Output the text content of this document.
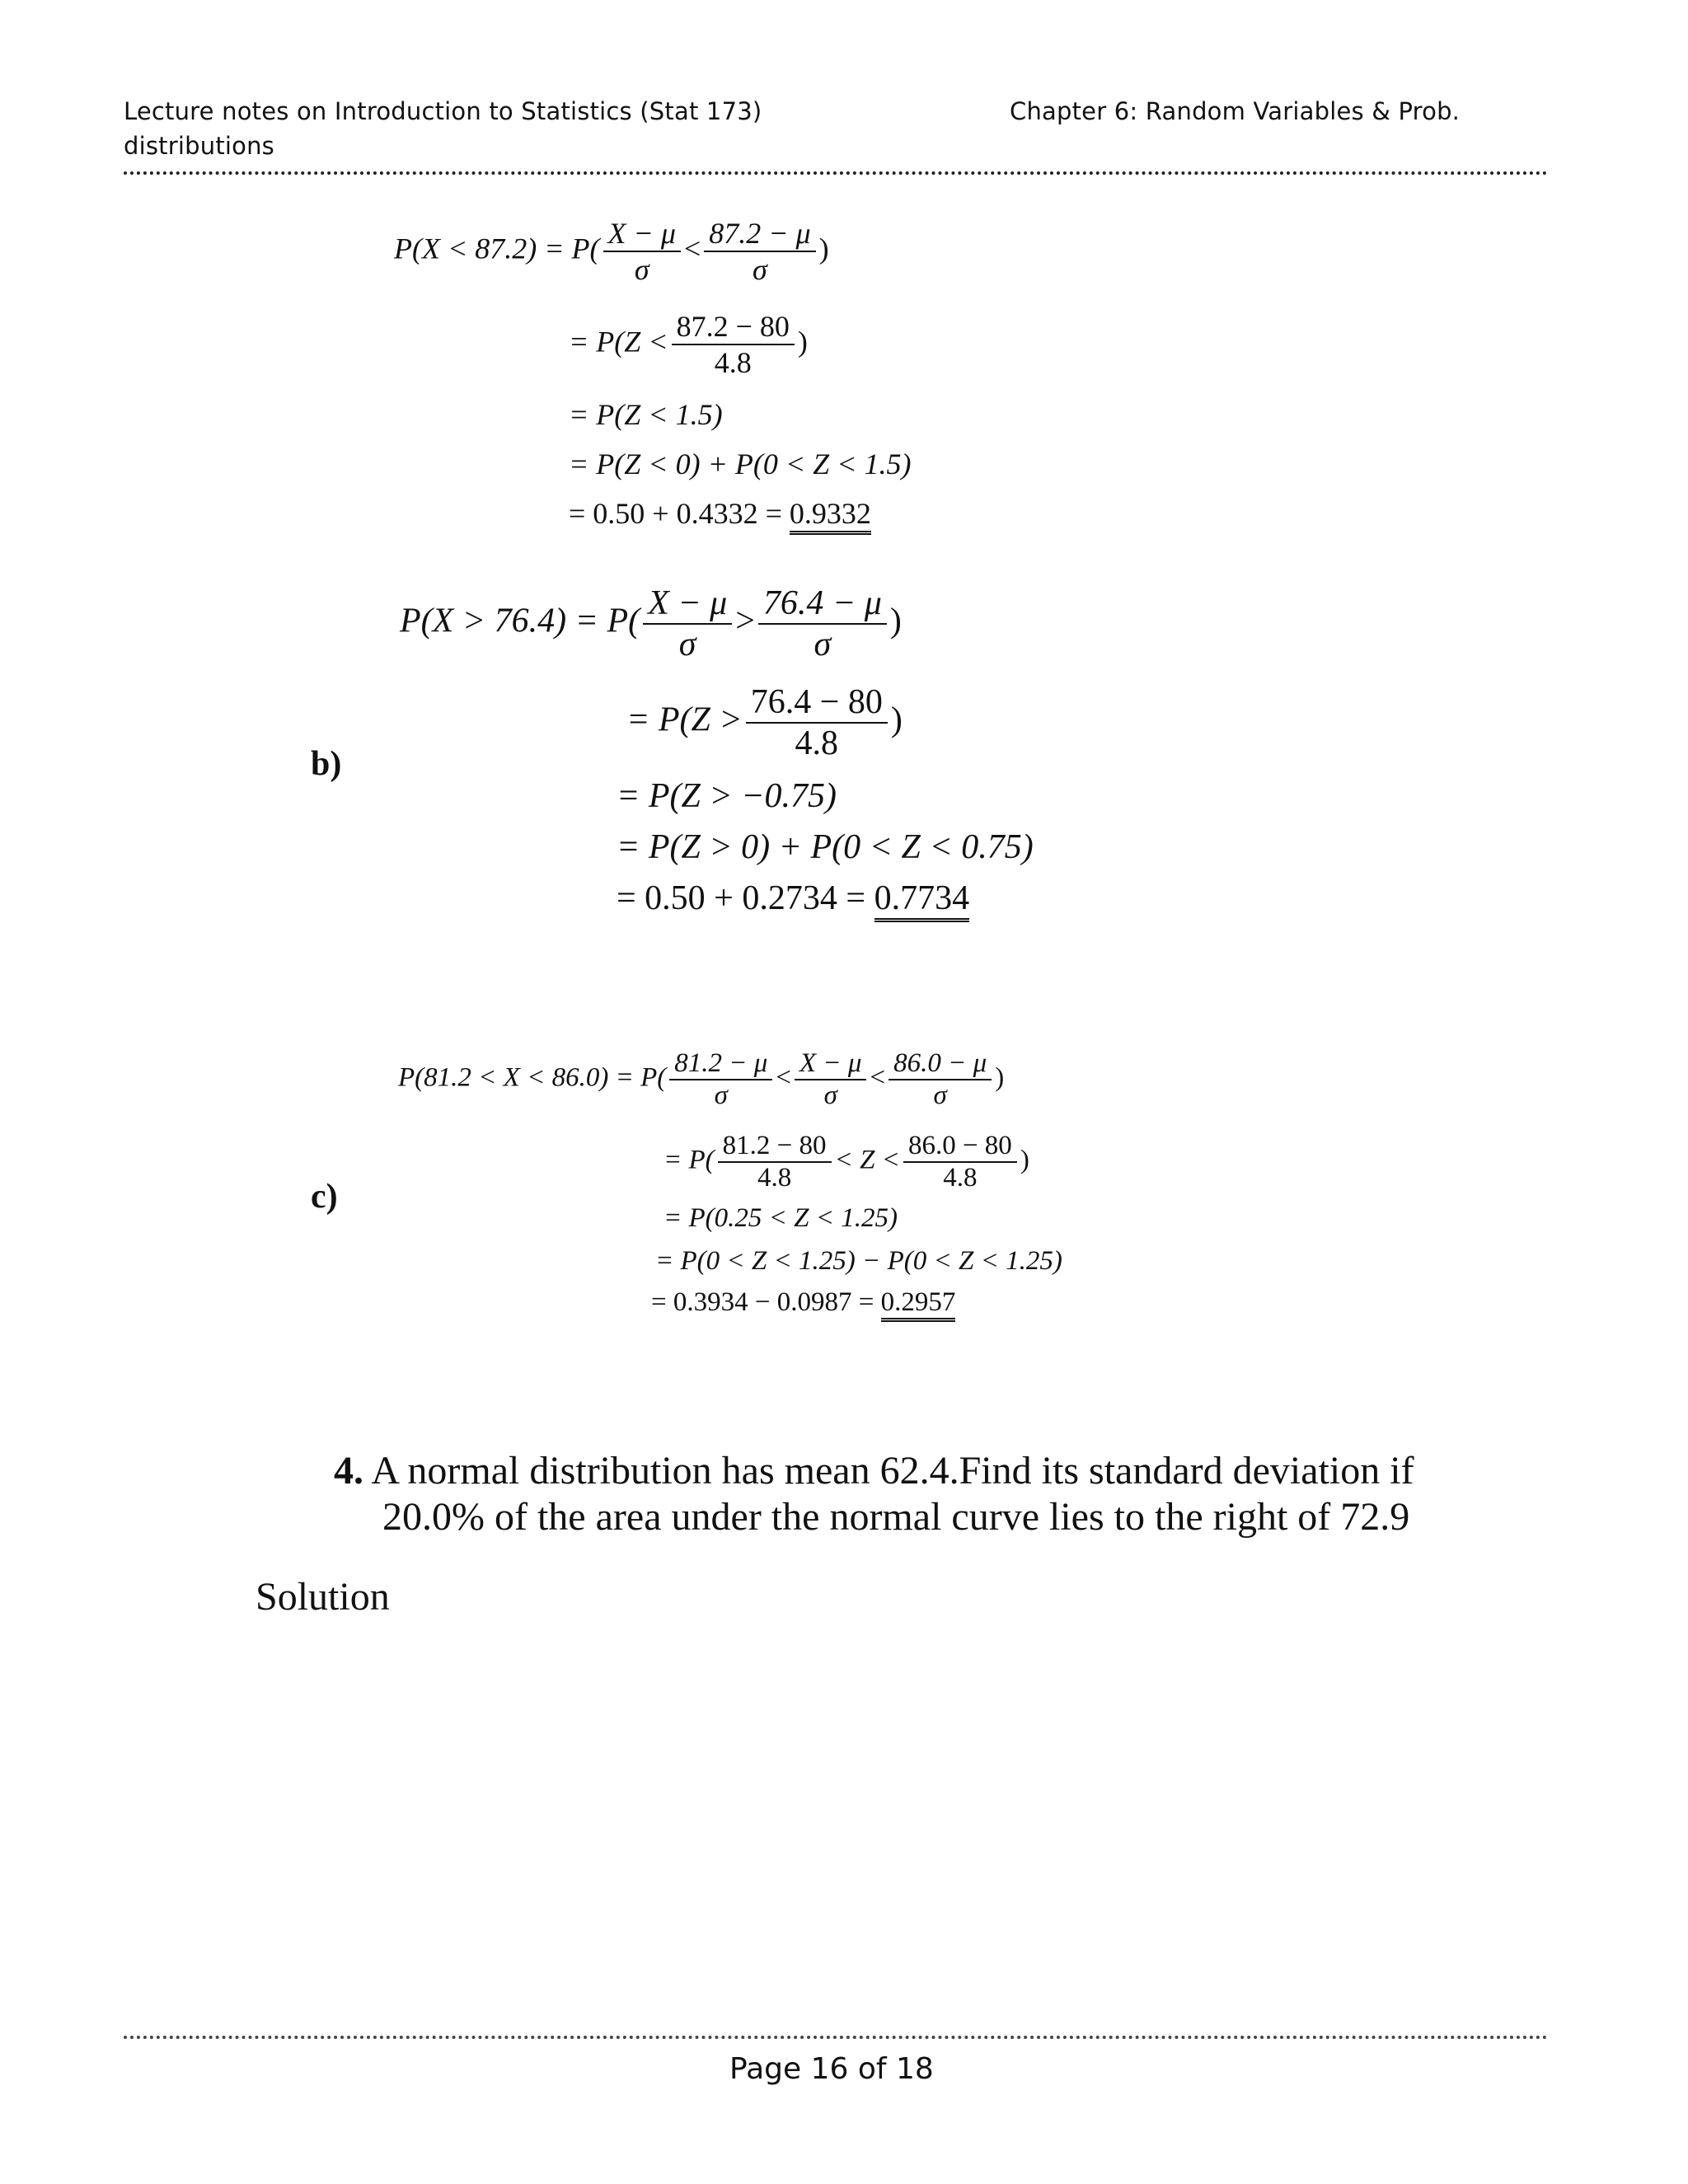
Lecture notes on Introduction to Statistics (Stat 173)
distributions
Chapter 6: Random Variables & Prob.
$P(X < 87.2) = P( \frac{X - \mu}{\sigma} < \frac{87.2 - \mu}{\sigma}$ )
= $P(Z < \frac{87.2 - 80}{4.8}$ )
= P(Z < 1.5)
= P(Z < 0) + P(0 < Z < 1.5)
= 0.50 + 0.4332 = 0.9332
b)
$P(X > 76.4) = P( \frac{X - \mu}{\sigma} > \frac{76.4 - \mu}{\sigma}$ )
= $P(Z > \frac{76.4 - 80}{4.8}$ )
= P(Z > −0.75)
= P(Z > 0) + P(0 < Z < 0.75)
= 0.50 + 0.2734 = 0.7734
c)
$P(81.2 < X < 86.0) = P( \frac{81.2 - \mu}{\sigma} < \frac{X - \mu}{\sigma} < \frac{86.0 - \mu}{\sigma}$ )
= $P( \frac{81.2 - 80}{4.8} < Z < \frac{86.0 - 80}{4.8}$ )
= P(0.25 < Z < 1.25)
= P(0 < Z < 1.25) − P(0 < Z < 1.25)
= 0.3934 − 0.0987 = 0.2957
4. A normal distribution has mean 62.4.Find its standard deviation if
20.0% of the area under the normal curve lies to the right of 72.9
Solution
Page 16 of 18
